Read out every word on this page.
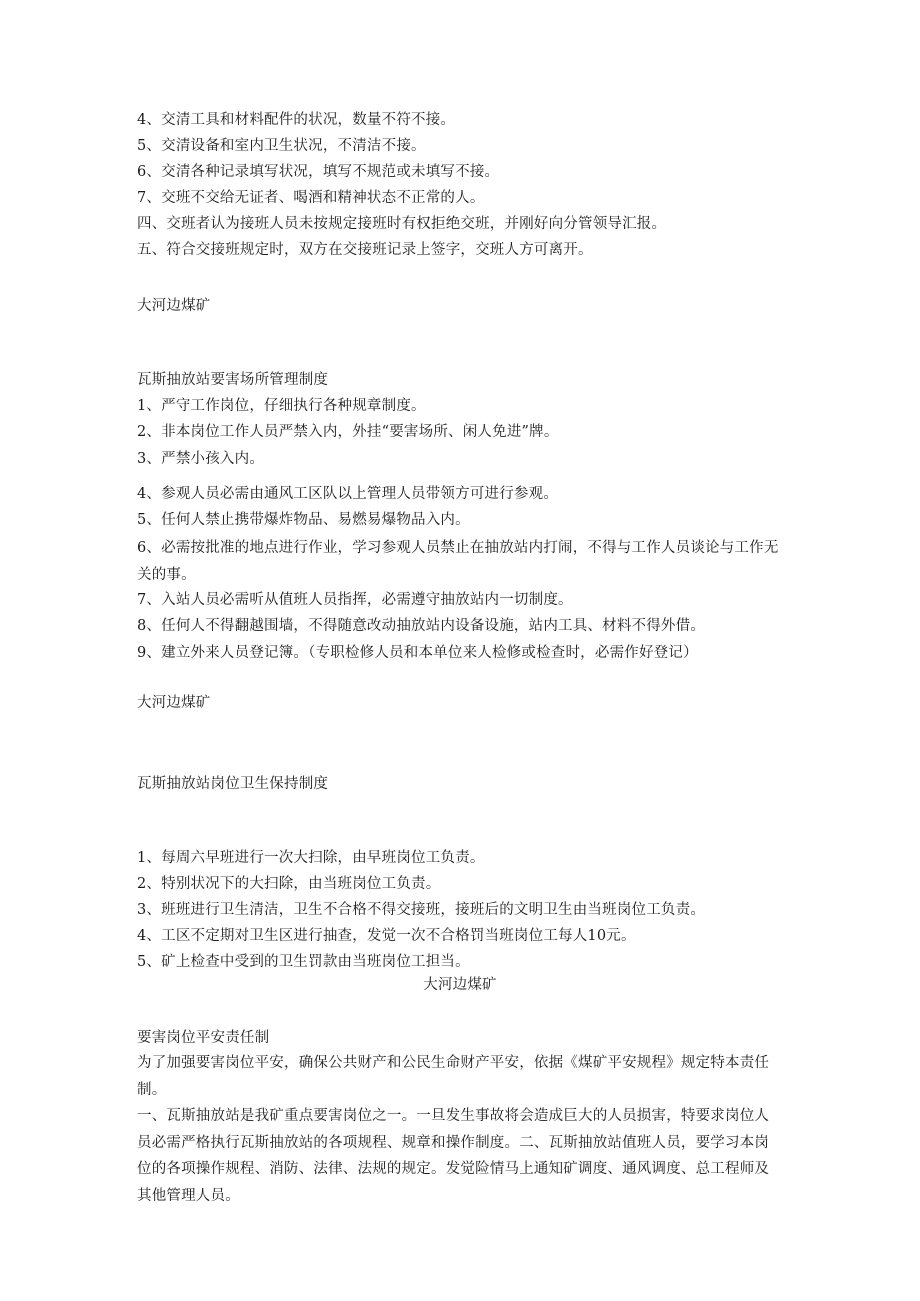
4、交清工具和材料配件的状况，数量不符不接。
5、交清设备和室内卫生状况，不清洁不接。
6、交清各种记录填写状况，填写不规范或未填写不接。
7、交班不交给无证者、喝酒和精神状态不正常的人。
四、交班者认为接班人员未按规定接班时有权拒绝交班，并刚好向分管领导汇报。
五、符合交接班规定时，双方在交接班记录上签字，交班人方可离开。
大河边煤矿
瓦斯抽放站要害场所管理制度
1、严守工作岗位，仔细执行各种规章制度。
2、非本岗位工作人员严禁入内，外挂“要害场所、闲人免进”牌。
3、严禁小孩入内。
4、参观人员必需由通风工区队以上管理人员带领方可进行参观。
5、任何人禁止携带爆炸物品、易燃易爆物品入内。
6、必需按批准的地点进行作业，学习参观人员禁止在抽放站内打闹，不得与工作人员谈论与工作无关的事。
7、入站人员必需听从值班人员指挥，必需遵守抽放站内一切制度。
8、任何人不得翻越围墙，不得随意改动抽放站内设备设施，站内工具、材料不得外借。
9、建立外来人员登记簿。（专职检修人员和本单位来人检修或检查时，必需作好登记）
大河边煤矿
瓦斯抽放站岗位卫生保持制度
1、每周六早班进行一次大扫除，由早班岗位工负责。
2、特别状况下的大扫除，由当班岗位工负责。
3、班班进行卫生清洁，卫生不合格不得交接班，接班后的文明卫生由当班岗位工负责。
4、工区不定期对卫生区进行抽查，发觉一次不合格罚当班岗位工每人10元。
5、矿上检查中受到的卫生罚款由当班岗位工担当。
大河边煤矿
要害岗位平安责任制
为了加强要害岗位平安，确保公共财产和公民生命财产平安，依据《煤矿平安规程》规定特本责任制。
一、瓦斯抽放站是我矿重点要害岗位之一。一旦发生事故将会造成巨大的人员损害，特要求岗位人员必需严格执行瓦斯抽放站的各项规程、规章和操作制度。二、瓦斯抽放站值班人员，要学习本岗位的各项操作规程、消防、法律、法规的规定。发觉险情马上通知矿调度、通风调度、总工程师及其他管理人员。
